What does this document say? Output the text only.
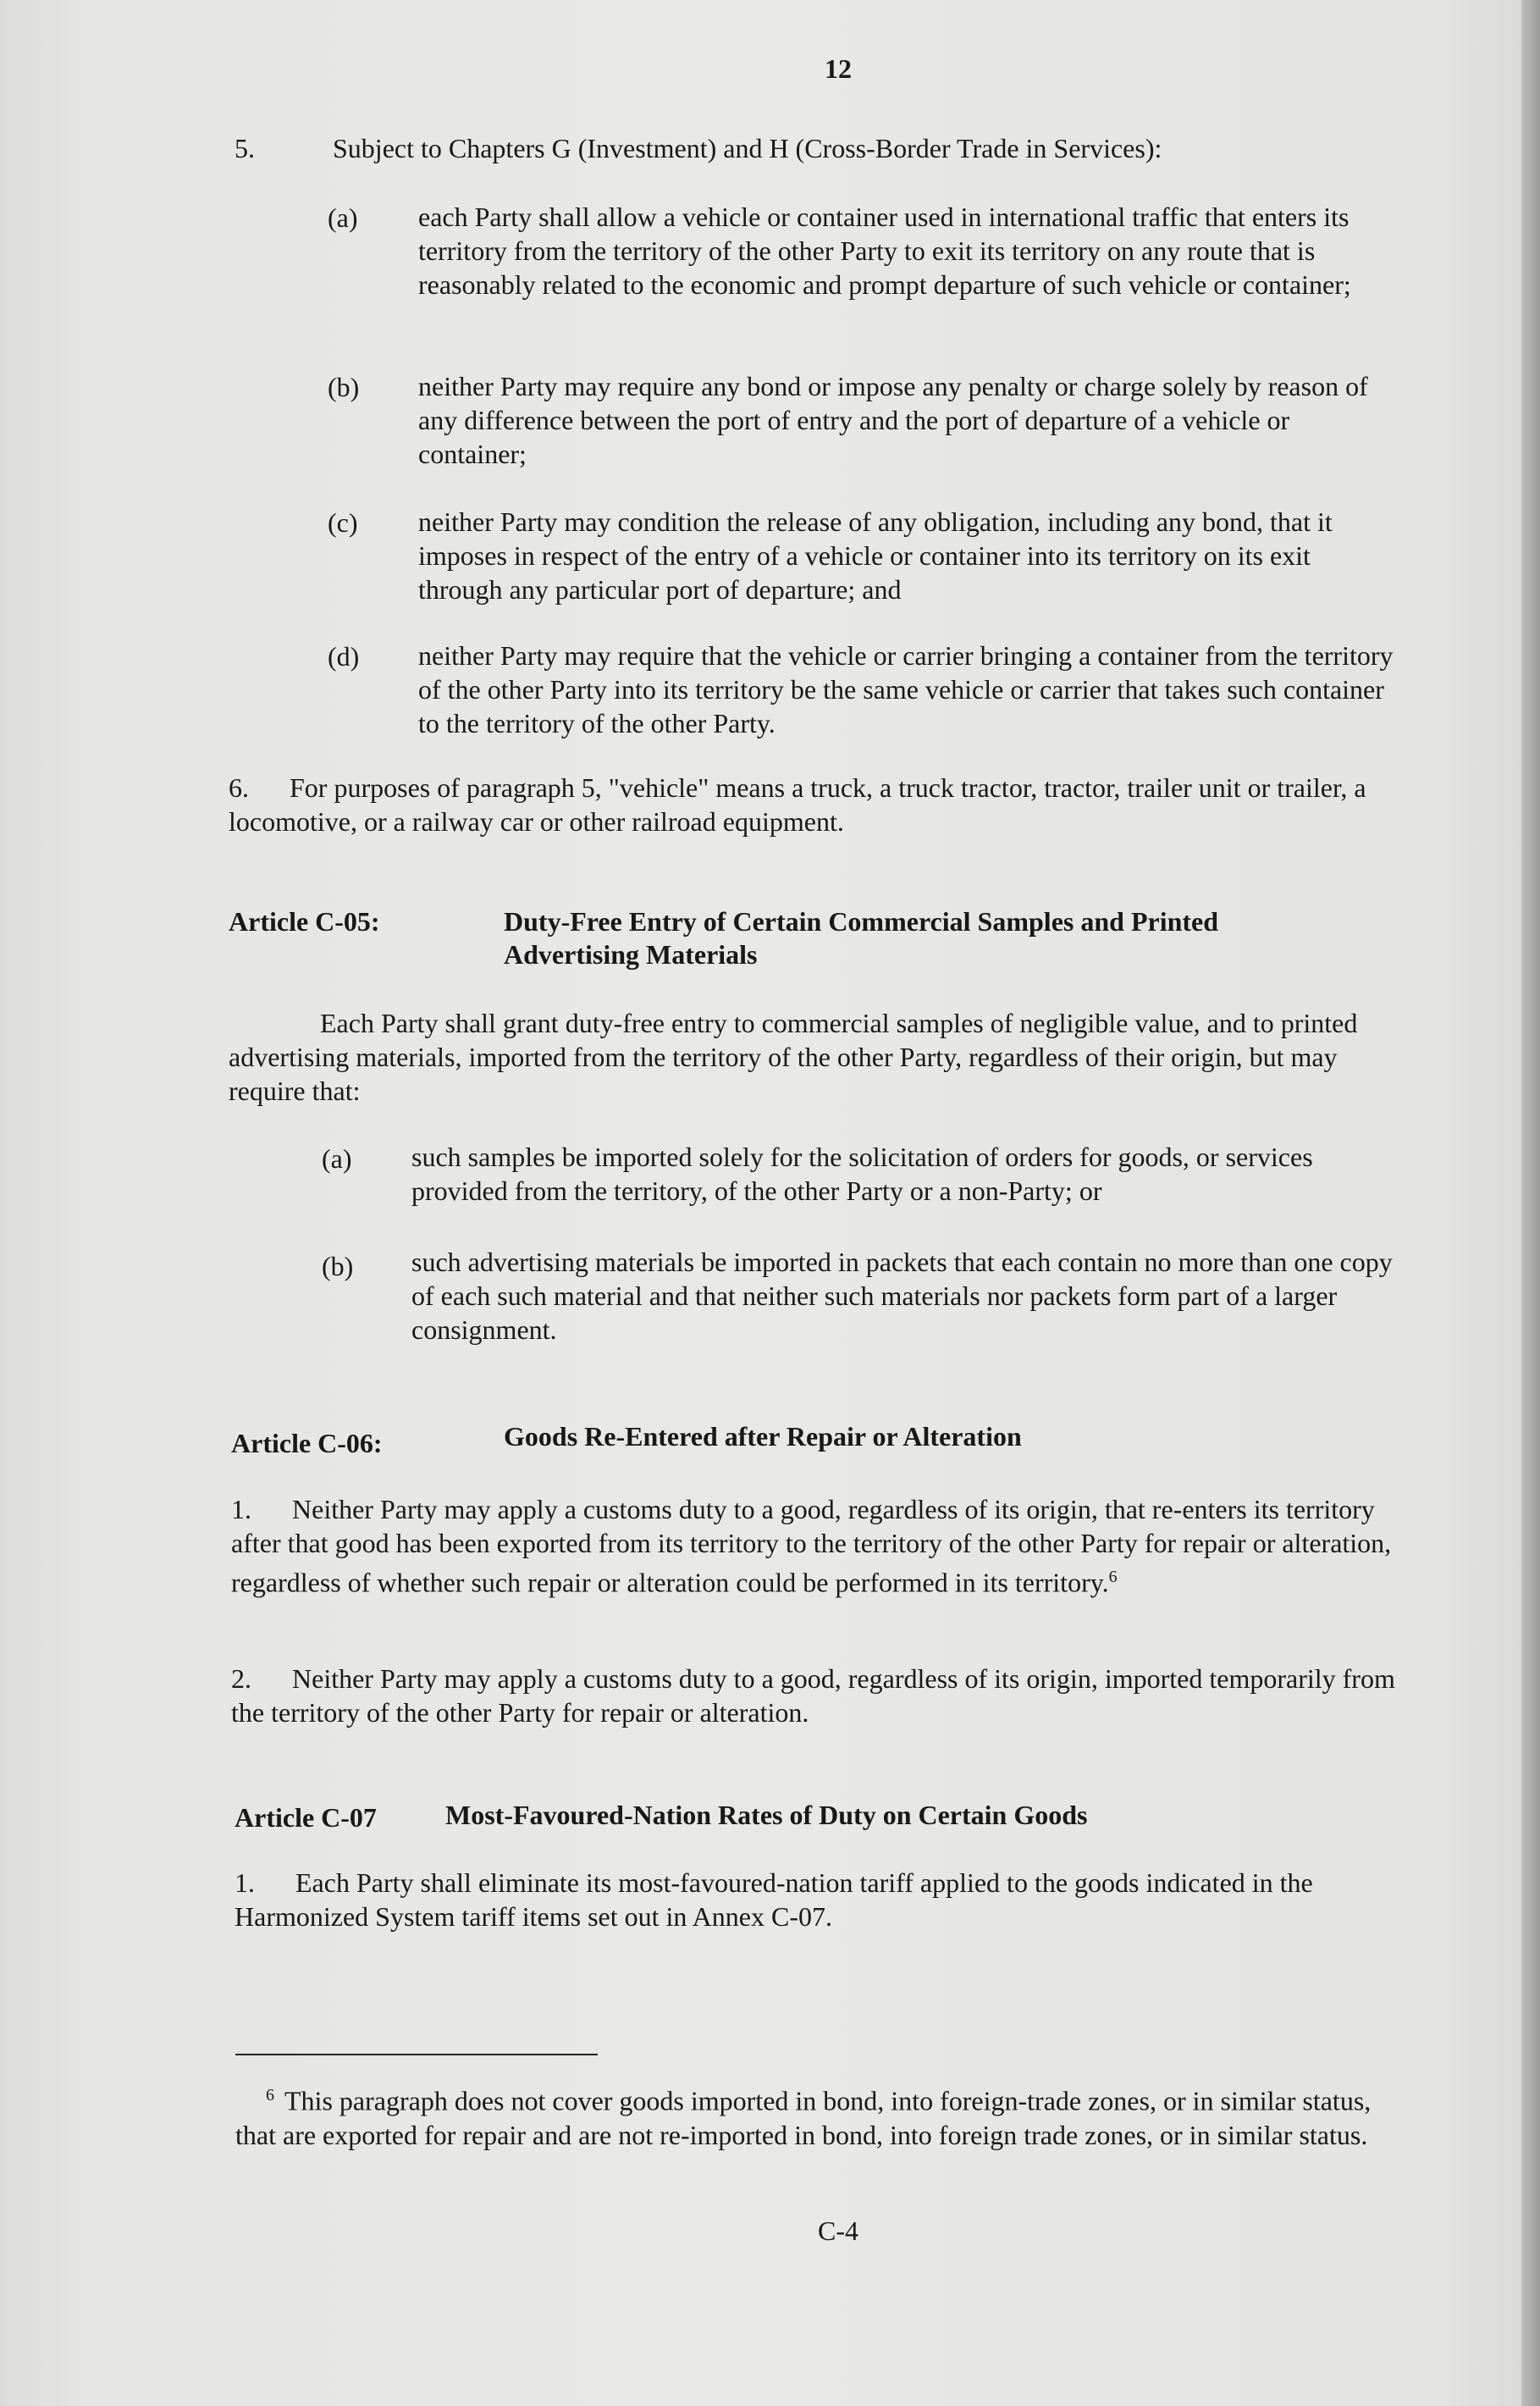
12
5.	Subject to Chapters G (Investment) and H (Cross-Border Trade in Services):
(a) each Party shall allow a vehicle or container used in international traffic that enters its territory from the territory of the other Party to exit its territory on any route that is reasonably related to the economic and prompt departure of such vehicle or container;
(b) neither Party may require any bond or impose any penalty or charge solely by reason of any difference between the port of entry and the port of departure of a vehicle or container;
(c) neither Party may condition the release of any obligation, including any bond, that it imposes in respect of the entry of a vehicle or container into its territory on its exit through any particular port of departure; and
(d) neither Party may require that the vehicle or carrier bringing a container from the territory of the other Party into its territory be the same vehicle or carrier that takes such container to the territory of the other Party.
6.      For purposes of paragraph 5, "vehicle" means a truck, a truck tractor, tractor, trailer unit or trailer, a locomotive, or a railway car or other railroad equipment.
Article C-05:	Duty-Free Entry of Certain Commercial Samples and Printed
Advertising Materials
Each Party shall grant duty-free entry to commercial samples of negligible value, and to printed advertising materials, imported from the territory of the other Party, regardless of their origin, but may require that:
(a) such samples be imported solely for the solicitation of orders for goods, or services provided from the territory, of the other Party or a non-Party; or
(b) such advertising materials be imported in packets that each contain no more than one copy of each such material and that neither such materials nor packets form part of a larger consignment.
Article C-06:	Goods Re-Entered after Repair or Alteration
1.      Neither Party may apply a customs duty to a good, regardless of its origin, that re-enters its territory after that good has been exported from its territory to the territory of the other Party for repair or alteration, regardless of whether such repair or alteration could be performed in its territory.$^6$
2.      Neither Party may apply a customs duty to a good, regardless of its origin, imported temporarily from the territory of the other Party for repair or alteration.
Article C-07	Most-Favoured-Nation Rates of Duty on Certain Goods
1.      Each Party shall eliminate its most-favoured-nation tariff applied to the goods indicated in the Harmonized System tariff items set out in Annex C-07.
$^6$ This paragraph does not cover goods imported in bond, into foreign-trade zones, or in similar status, that are exported for repair and are not re-imported in bond, into foreign trade zones, or in similar status.
C-4
